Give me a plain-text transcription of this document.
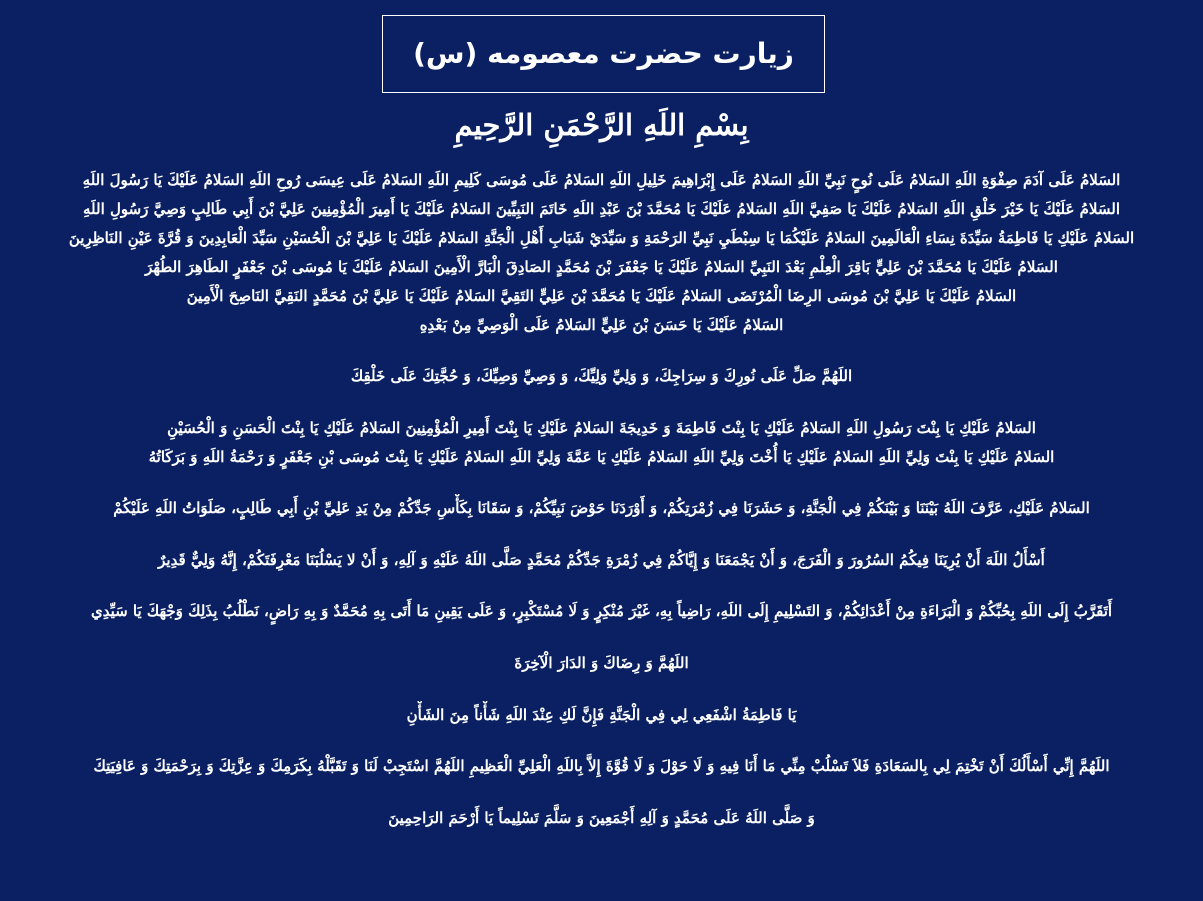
زیارت حضرت معصومه (س)
بِسْمِ اللَهِ الرَّحْمَنِ الرَّحِيمِ
السَلامُ عَلَى آدَمَ صِفْوَةِ اللَهِ السَلامُ عَلَى نُوحٍ نَبِيِّ اللَهِ السَلامُ عَلَى إِبْرَاهِيمَ خَلِيلِ اللَهِ السَلامُ عَلَى مُوسَى كَلِيمِ اللَهِ السَلامُ عَلَى عِيسَى رُوحِ اللَهِ السَلامُ عَلَيْكَ يَا رَسُولَ اللَهِ
السَلامُ عَلَيْكَ يَا خَيْرَ خَلْقِ اللَهِ السَلامُ عَلَيْكَ يَا صَفِيَّ اللَهِ السَلامُ عَلَيْكَ يَا مُحَمَّدَ بْنَ عَبْدِ اللَهِ خَاتَمَ النَبِيِّينَ السَلامُ عَلَيْكَ يَا أَمِيرَ الْمُؤْمِنِينَ عَلِيَّ بْنَ أَبِي طَالِبٍ وَصِيَّ رَسُولِ اللَهِ
السَلامُ عَلَيْكِ يَا فَاطِمَةُ سَيِّدَةَ نِسَاءِ الْعَالَمِينَ السَلامُ عَلَيْكُمَا يَا سِبْطَيِ نَبِيِّ الرَحْمَةِ وَ سَيِّدَيْ شَبَابِ أَهْلِ الْجَنَّةِ السَلامُ عَلَيْكَ يَا عَلِيَّ بْنَ الْحُسَيْنِ سَيِّدَ الْعَابِدِينَ وَ قُرَّةَ عَيْنِ النَاظِرِينَ
السَلامُ عَلَيْكَ يَا مُحَمَّدَ بْنَ عَلِيٍّ بَاقِرَ الْعِلْمِ بَعْدَ النَبِيِّ السَلامُ عَلَيْكَ يَا جَعْفَرَ بْنَ مُحَمَّدٍ الصَادِقَ الْبَارَّ الْأَمِينَ السَلامُ عَلَيْكَ يَا مُوسَى بْنَ جَعْفَرٍ الطَاهِرَ الطُهْرَ
السَلامُ عَلَيْكَ يَا عَلِيَّ بْنَ مُوسَى الرِضَا الْمُرْتَضَى السَلامُ عَلَيْكَ يَا مُحَمَّدَ بْنَ عَلِيٍّ التَقِيَّ السَلامُ عَلَيْكَ يَا عَلِيَّ بْنَ مُحَمَّدٍ النَقِيَّ النَاصِحَ الْأَمِينَ
السَلامُ عَلَيْكَ يَا حَسَنَ بْنَ عَلِيٍّ السَلامُ عَلَى الْوَصِيِّ مِنْ بَعْدِهِ
اللَهُمَّ صَلِّ عَلَى نُورِكَ وَ سِرَاجِكَ، وَ وَلِيِّ وَلِيِّكَ، وَ وَصِيِّ وَصِيِّكَ، وَ حُجَّتِكَ عَلَى خَلْقِكَ
السَلامُ عَلَيْكِ يَا بِنْتَ رَسُولِ اللَهِ السَلامُ عَلَيْكِ يَا بِنْتَ فَاطِمَةَ وَ خَدِيجَةَ السَلامُ عَلَيْكِ يَا بِنْتَ أَمِيرِ الْمُؤْمِنِينَ السَلامُ عَلَيْكِ يَا بِنْتَ الْحَسَنِ وَ الْحُسَيْنِ
السَلامُ عَلَيْكِ يَا بِنْتَ وَلِيِّ اللَهِ السَلامُ عَلَيْكِ يَا أُخْتَ وَلِيِّ اللَهِ السَلامُ عَلَيْكِ يَا عَمَّةَ وَلِيِّ اللَهِ السَلامُ عَلَيْكِ يَا بِنْتَ مُوسَى بْنِ جَعْفَرٍ وَ رَحْمَةُ اللَهِ وَ بَرَكَاتُهُ
السَلامُ عَلَيْكِ، عَرَّفَ اللَهُ بَيْنَنَا وَ بَيْنَكُمْ فِي الْجَنَّةِ، وَ حَشَرَنَا فِي زُمْرَتِكُمْ، وَ أَوْرَدَنَا حَوْضَ نَبِيِّكُمْ، وَ سَقَانَا بِكَأْسِ جَدِّكُمْ مِنْ يَدِ عَلِيِّ بْنِ أَبِي طَالِبٍ، صَلَوَاتُ اللَهِ عَلَيْكُمْ
أَسْأَلُ اللَهَ أَنْ يُرِيَنَا فِيكُمُ السُرُورَ وَ الْفَرَجَ، وَ أَنْ يَجْمَعَنَا وَ إِيَّاكُمْ فِي زُمْرَةِ جَدِّكُمْ مُحَمَّدٍ صَلَّى اللَهُ عَلَيْهِ وَ آلِهِ، وَ أَنْ لا يَسْلُبَنَا مَعْرِفَتَكُمْ، إِنَّهُ وَلِيٌّ قَدِيرٌ
أَتَقَرَّبُ إِلَى اللَهِ بِحُبِّكُمْ وَ الْبَرَاءَةِ مِنْ أَعْدَائِكُمْ، وَ التَسْلِيمِ إِلَى اللَهِ، رَاضِياً بِهِ، غَيْرَ مُنْكِرٍ وَ لَا مُسْتَكْبِرٍ، وَ عَلَى يَقِينِ مَا أَتَى بِهِ مُحَمَّدٌ وَ بِهِ رَاضٍ، نَطْلُبُ بِذَلِكَ وَجْهَكَ يَا سَيِّدِي
اللَهُمَّ وَ رِضَاكَ وَ الدَارَ الْآخِرَةَ
يَا فَاطِمَةُ اشْفَعِي لِي فِي الْجَنَّةِ فَإِنَّ لَكِ عِنْدَ اللَهِ شَأْناً مِنَ الشَأْنِ
اللَهُمَّ إِنِّي أَسْأَلُكَ أَنْ تَخْتِمَ لِي بِالسَعَادَةِ فَلاَ تَسْلُبْ مِنِّي مَا أَنَا فِيهِ وَ لَا حَوْلَ وَ لَا قُوَّةَ إِلاَّ بِاللَهِ الْعَلِيِّ الْعَظِيمِ اللَهُمَّ اسْتَجِبْ لَنَا وَ تَقَبَّلْهُ بِكَرَمِكَ وَ عِزَّتِكَ وَ بِرَحْمَتِكَ وَ عَافِيَتِكَ
وَ صَلَّى اللَهُ عَلَى مُحَمَّدٍ وَ آلِهِ أَجْمَعِينَ وَ سَلَّمَ تَسْلِيماً يَا أَرْحَمَ الرَاحِمِينَ
